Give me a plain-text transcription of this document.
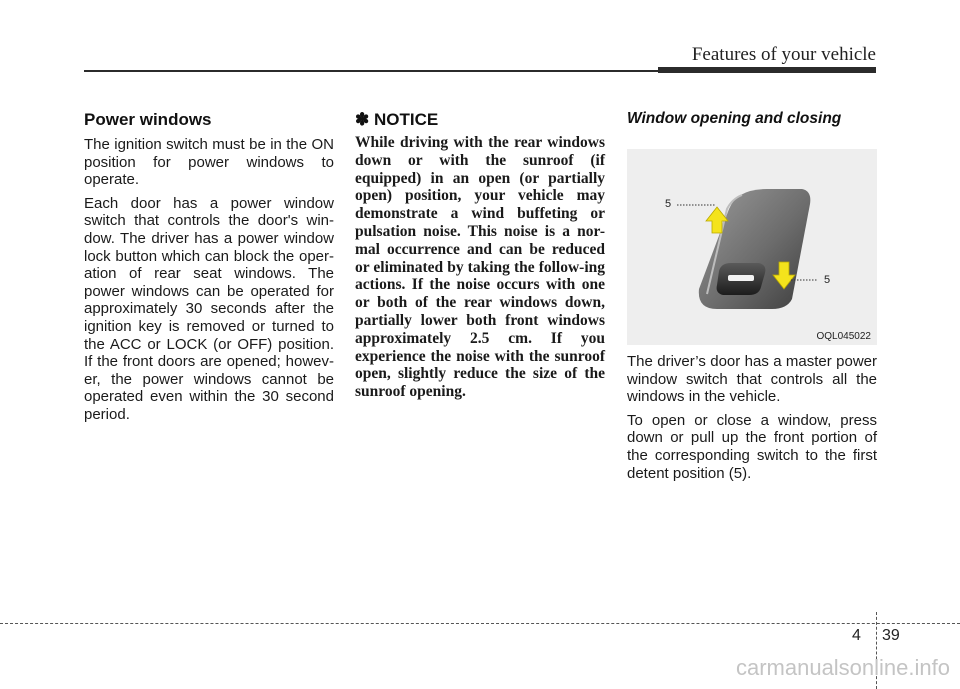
Features of your vehicle
Power windows

The ignition switch must be in the ON position for power windows to operate.

Each door has a power window switch that controls the door's win-dow. The driver has a power window lock button which can block the oper-ation of rear seat windows. The power windows can be operated for approximately 30 seconds after the ignition key is removed or turned to the ACC or LOCK (or OFF) position. If the front doors are opened; howev-er, the power windows cannot be operated even within the 30 second period.

✽ NOTICE

While driving with the rear windows down or with the sunroof (if equipped) in an open (or partially open) position, your vehicle may demonstrate a wind buffeting or pulsation noise. This noise is a nor-mal occurrence and can be reduced or eliminated by taking the follow-ing actions. If the noise occurs with one or both of the rear windows down, partially lower both front windows approximately 2.5 cm. If you experience the noise with the sunroof open, slightly reduce the size of the sunroof opening.

Window opening and closing
5
5
OQL045022

The driver’s door has a master power window switch that controls all the windows in the vehicle.

To open or close a window, press down or pull up the front portion of the corresponding switch to the first detent position (5).

4 39
carmanualsonline.info
